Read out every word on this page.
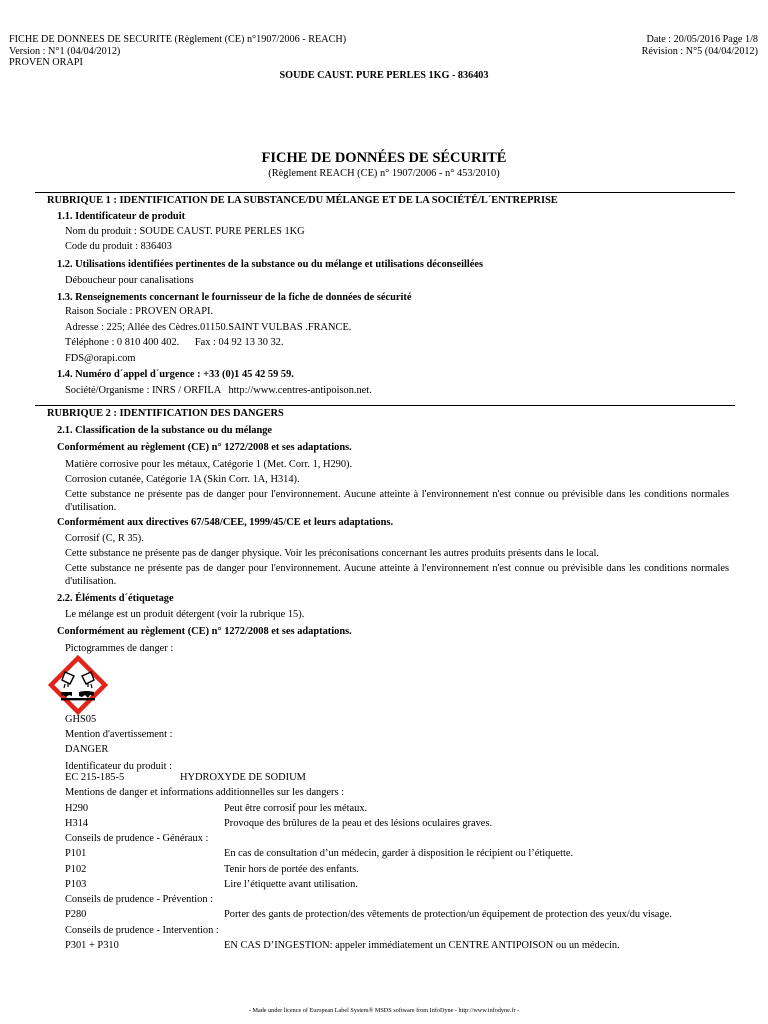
FICHE DE DONNEES DE SECURITE (Règlement (CE) n°1907/2006 - REACH)
Version : N°1 (04/04/2012)
PROVEN ORAPI
Date : 20/05/2016 Page 1/8
Révision : N°5 (04/04/2012)
SOUDE CAUST. PURE PERLES 1KG - 836403
FICHE DE DONNÉES DE SÉCURITÉ
(Règlement REACH (CE) n° 1907/2006 - n° 453/2010)
RUBRIQUE 1 : IDENTIFICATION DE LA SUBSTANCE/DU MÉLANGE ET DE LA SOCIÉTÉ/L´ENTREPRISE
1.1. Identificateur de produit
Nom du produit : SOUDE CAUST. PURE PERLES 1KG
Code du produit : 836403
1.2. Utilisations identifiées pertinentes de la substance ou du mélange et utilisations déconseillées
Déboucheur pour canalisations
1.3. Renseignements concernant le fournisseur de la fiche de données de sécurité
Raison Sociale : PROVEN ORAPI.
Adresse : 225; Allée des Cèdres.01150.SAINT VULBAS .FRANCE.
Téléphone : 0 810 400 402.      Fax : 04 92 13 30 32.
FDS@orapi.com
1.4. Numéro d´appel d´urgence : +33 (0)1 45 42 59 59.
Société/Organisme : INRS / ORFILA   http://www.centres-antipoison.net.
RUBRIQUE 2 : IDENTIFICATION DES DANGERS
2.1. Classification de la substance ou du mélange
Conformément au règlement (CE) n° 1272/2008 et ses adaptations.
Matière corrosive pour les métaux, Catégorie 1 (Met. Corr. 1, H290).
Corrosion cutanée, Catégorie 1A (Skin Corr. 1A, H314).
Cette substance ne présente pas de danger pour l'environnement. Aucune atteinte à l'environnement n'est connue ou prévisible dans les conditions normales d'utilisation.
Conformément aux directives 67/548/CEE, 1999/45/CE et leurs adaptations.
Corrosif (C, R 35).
Cette substance ne présente pas de danger physique. Voir les préconisations concernant les autres produits présents dans le local.
Cette substance ne présente pas de danger pour l'environnement. Aucune atteinte à l'environnement n'est connue ou prévisible dans les conditions normales d'utilisation.
2.2. Éléments d´étiquetage
Le mélange est un produit détergent (voir la rubrique 15).
Conformément au règlement (CE) n° 1272/2008 et ses adaptations.
Pictogrammes de danger :
GHS05
Mention d'avertissement :
DANGER
Identificateur du produit :
EC 215-185-5	HYDROXYDE DE SODIUM
Mentions de danger et informations additionnelles sur les dangers :
H290	Peut être corrosif pour les métaux.
H314	Provoque des brûlures de la peau et des lésions oculaires graves.
Conseils de prudence - Généraux :
P101	En cas de consultation d’un médecin, garder à disposition le récipient ou l’étiquette.
P102	Tenir hors de portée des enfants.
P103	Lire l’étiquette avant utilisation.
Conseils de prudence - Prévention :
P280	Porter des gants de protection/des vêtements de protection/un équipement de protection des yeux/du visage.
Conseils de prudence - Intervention :
P301 + P310	EN CAS D’INGESTION: appeler immédiatement un CENTRE ANTIPOISON ou un médecin.
- Made under licence of European Label System® MSDS software from InfoDyne - http://www.infodyne.fr -
